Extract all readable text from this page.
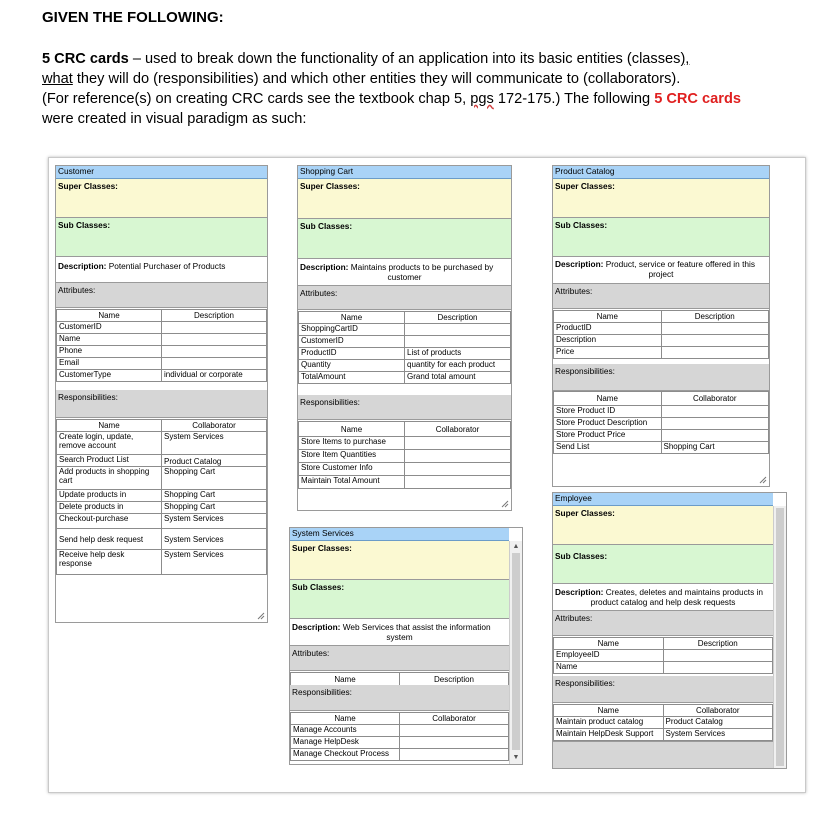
GIVEN THE FOLLOWING:
5 CRC cards – used to break down the functionality of an application into its basic entities (classes),
what they will do (responsibilities) and which other entities they will communicate to (collaborators).
(For reference(s) on creating CRC cards see the textbook chap 5, pgs 172-175.) The following 5 CRC cards
were created in visual paradigm as such:
Customer
Super Classes:
Sub Classes:
Description: Potential Purchaser of Products
Attributes:
Name	Description
CustomerID	
Name	
Phone	
Email	
CustomerType	individual or corporate
Responsibilities:
Name	Collaborator
Create login, update, remove account	System Services
Search Product List	Product Catalog
Add products in shopping cart	Shopping Cart
Update products in	Shopping Cart
Delete products in	Shopping Cart
Checkout-purchase	System Services
Send help desk request	System Services
Receive help desk response	System Services
Shopping Cart
Super Classes:
Sub Classes:
Description: Maintains products to be purchased by
customer
Attributes:
Name	Description
ShoppingCartID	
CustomerID	
ProductID	List of products
Quantity	quantity for each product
TotalAmount	Grand total amount
Responsibilities:
Name	Collaborator
Store Items to purchase	
Store Item Quantities	
Store Customer Info	
Maintain Total Amount	
Product Catalog
Super Classes:
Sub Classes:
Description: Product, service or feature offered in this
project
Attributes:
Name	Description
ProductID	
Description	
Price	
Responsibilities:
Name	Collaborator
Store Product ID	
Store Product Description	
Store Product Price	
Send List	Shopping Cart
System Services
Super Classes:
Sub Classes:
Description: Web Services that assist the information
system
Attributes:
Name	Description
Responsibilities:
Name	Collaborator
Manage Accounts	
Manage HelpDesk	
Manage Checkout Process	
▲
▼
Employee
Super Classes:
Sub Classes:
Description: Creates, deletes and maintains products in
product catalog and help desk requests
Attributes:
Name	Description
EmployeeID	
Name	
Responsibilities:
Name	Collaborator
Maintain product catalog	Product Catalog
Maintain HelpDesk Support	System Services
